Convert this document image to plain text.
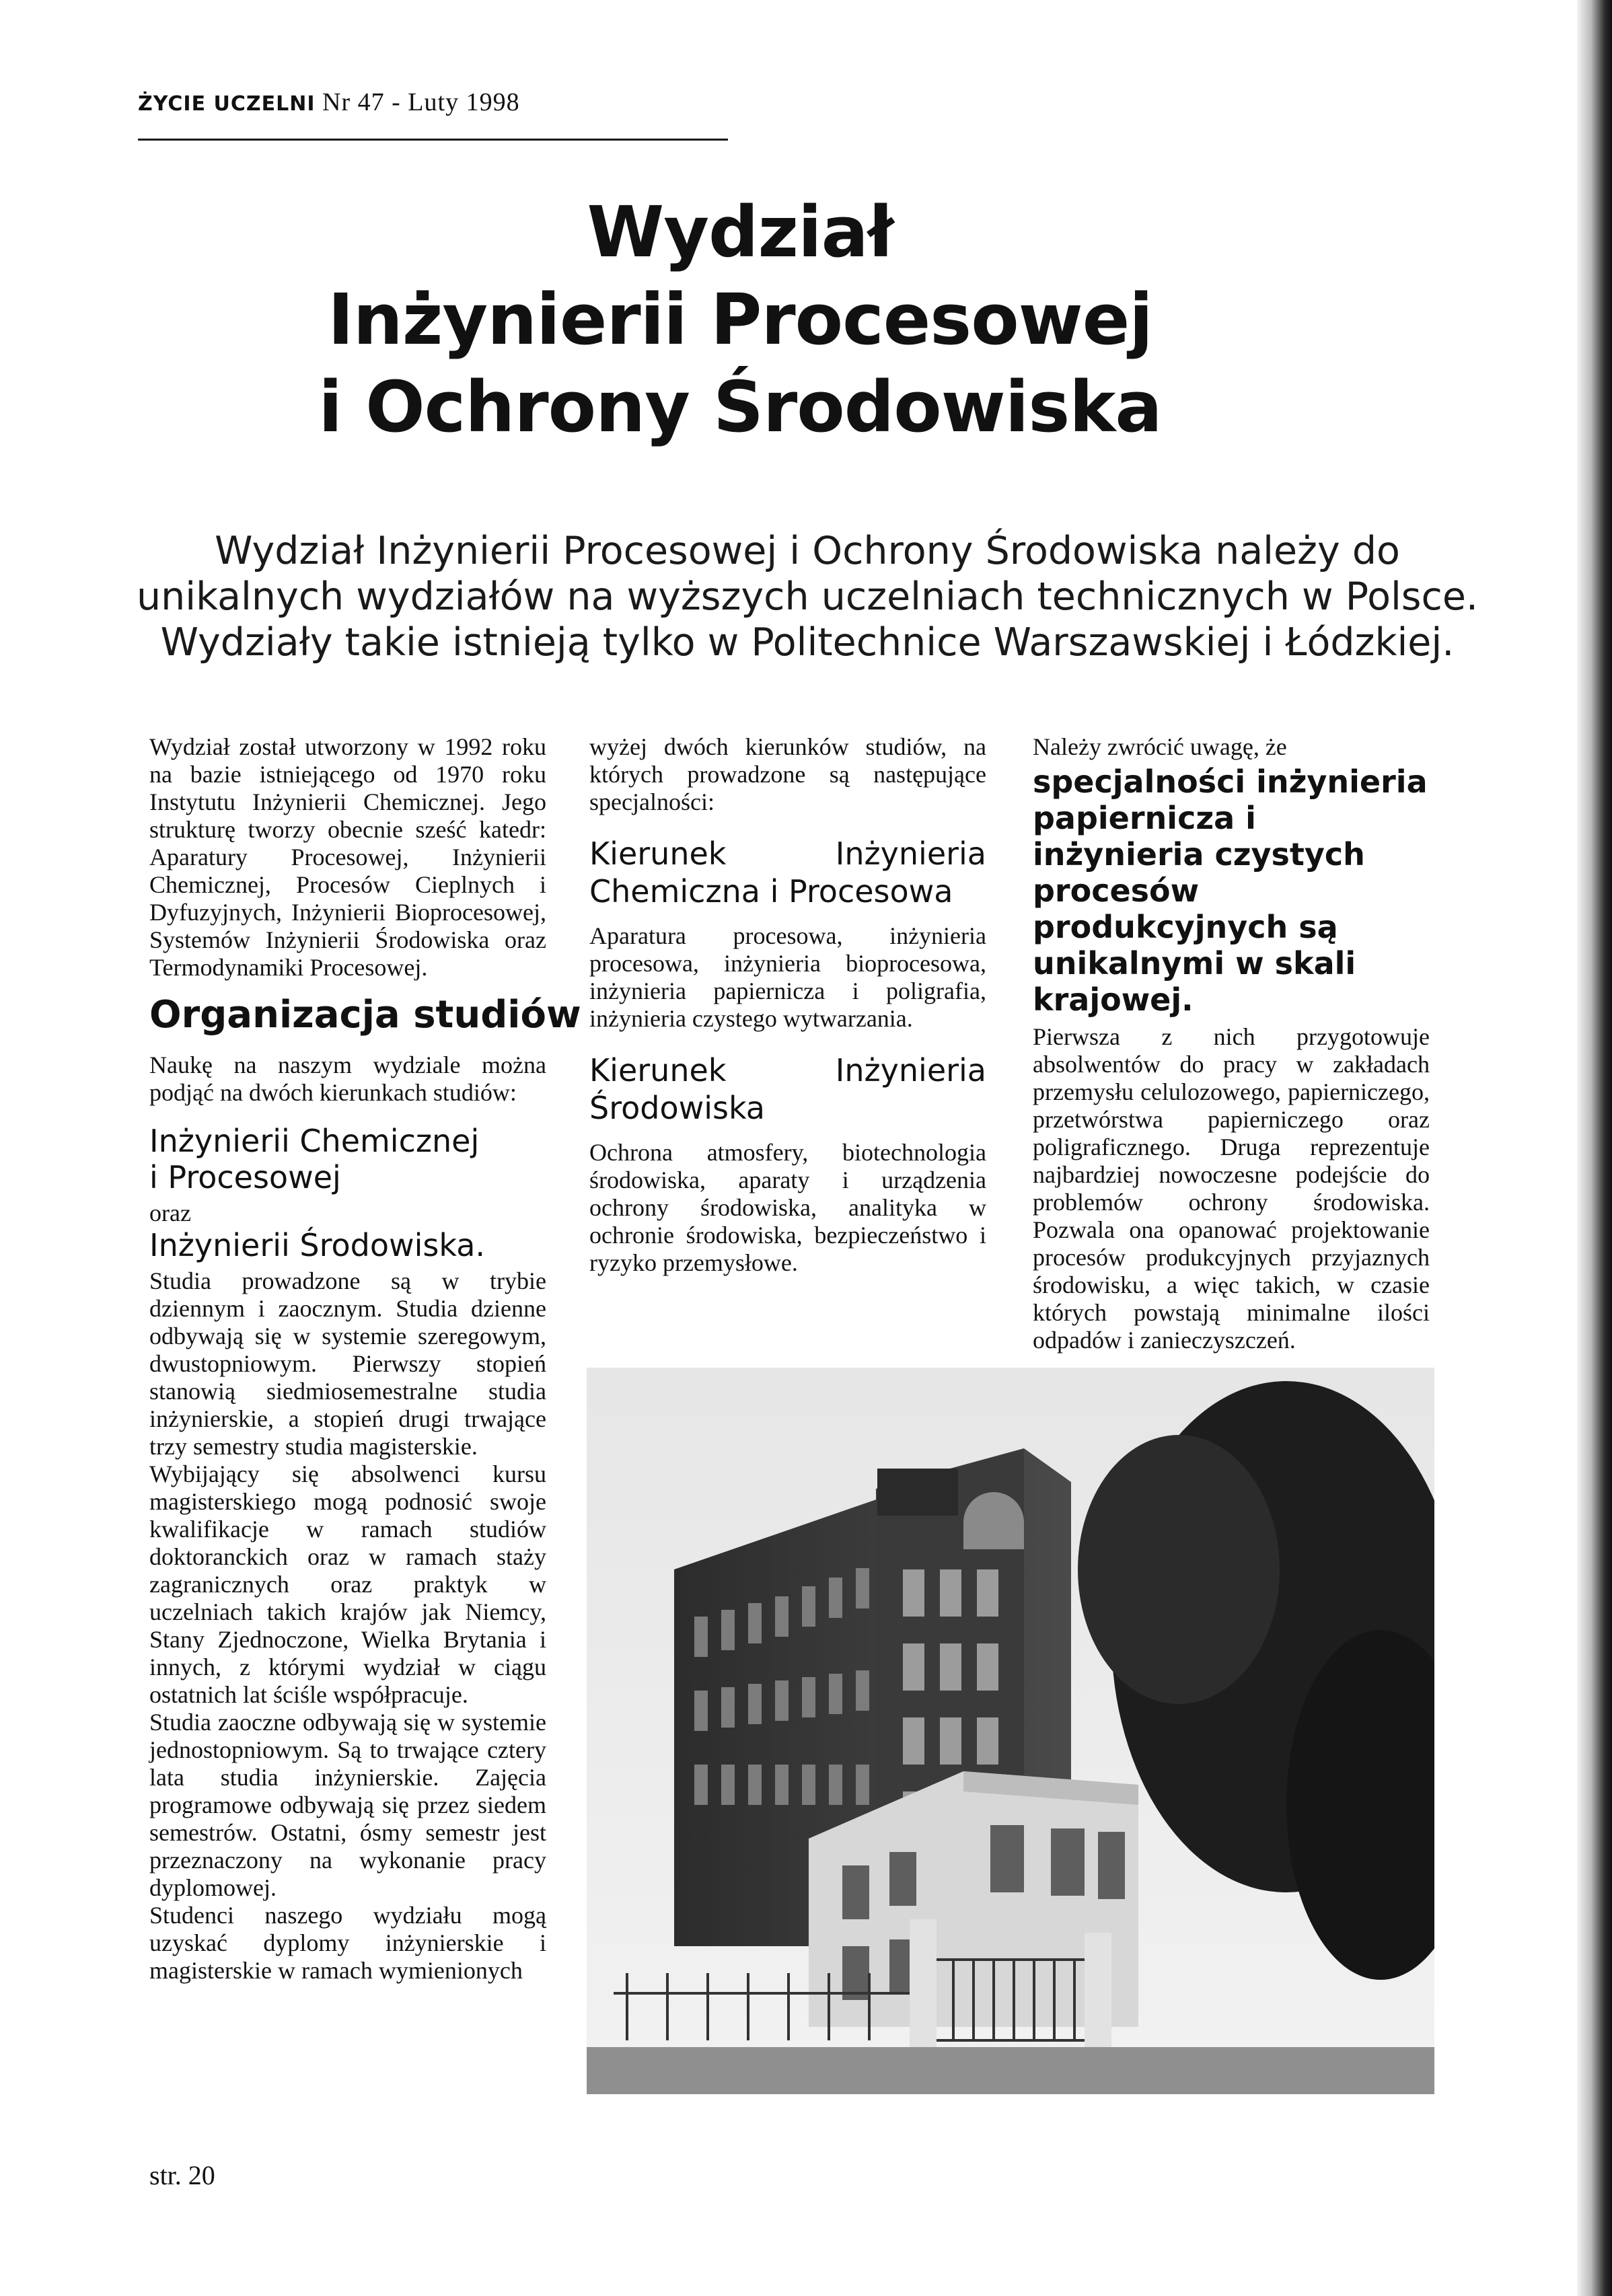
ŻYCIE UCZELNI Nr 47 - Luty 1998
Wydział
Inżynierii Procesowej
i Ochrony Środowiska
Wydział Inżynierii Procesowej i Ochrony Środowiska należy do
unikalnych wydziałów na wyższych uczelniach technicznych w Polsce.
Wydziały takie istnieją tylko w Politechnice Warszawskiej i Łódzkiej.

Wydział został utworzony w 1992 roku na bazie istniejącego od 1970 roku Instytutu Inżynierii Chemicznej. Jego strukturę tworzy obecnie sześć katedr: Aparatury Procesowej, Inżynierii Chemicznej, Procesów Cieplnych i Dyfuzyjnych, Inżynierii Bioprocesowej, Systemów Inżynierii Środowiska oraz Termodynamiki Procesowej.

Organizacja studiów

Naukę na naszym wydziale można podjąć na dwóch kierunkach studiów:

Inżynierii Chemicznej
i Procesowej

oraz

Inżynierii Środowiska.

Studia prowadzone są w trybie dziennym i zaocznym. Studia dzienne odbywają się w systemie szeregowym, dwustopniowym. Pierwszy stopień stanowią siedmiosemestralne studia inżynierskie, a stopień drugi trwające trzy semestry studia magisterskie.

Wybijający się absolwenci kursu magisterskiego mogą podnosić swoje kwalifikacje w ramach studiów doktoranckich oraz w ramach staży zagranicznych oraz praktyk w uczelniach takich krajów jak Niemcy, Stany Zjednoczone, Wielka Brytania i innych, z którymi wydział w ciągu ostatnich lat ściśle współpracuje.

Studia zaoczne odbywają się w systemie jednostopniowym. Są to trwające cztery lata studia inżynierskie. Zajęcia programowe odbywają się przez siedem semestrów. Ostatni, ósmy semestr jest przeznaczony na wykonanie pracy dyplomowej.

Studenci naszego wydziału mogą uzyskać dyplomy inżynierskie i magisterskie w ramach wymienionych

wyżej dwóch kierunków studiów, na których prowadzone są następujące specjalności:

Kierunek Inżynieria Chemiczna i Procesowa

Aparatura procesowa, inżynieria procesowa, inżynieria bioprocesowa, inżynieria papiernicza i poligrafia, inżynieria czystego wytwarzania.

Kierunek Inżynieria Środowiska

Ochrona atmosfery, biotechnologia środowiska, aparaty i urządzenia ochrony środowiska, analityka w ochronie środowiska, bezpieczeństwo i ryzyko przemysłowe.

Należy zwrócić uwagę, że

specjalności inżynieria papiernicza i inżynieria czystych procesów produkcyjnych są unikalnymi w skali krajowej.

Pierwsza z nich przygotowuje absolwentów do pracy w zakładach przemysłu celulozowego, papierniczego, przetwórstwa papierniczego oraz poligraficznego. Druga reprezentuje najbardziej nowoczesne podejście do problemów ochrony środowiska. Pozwala ona opanować projektowanie procesów produkcyjnych przyjaznych środowisku, a więc takich, w czasie których powstają minimalne ilości odpadów i zanieczyszczeń.

str. 20
